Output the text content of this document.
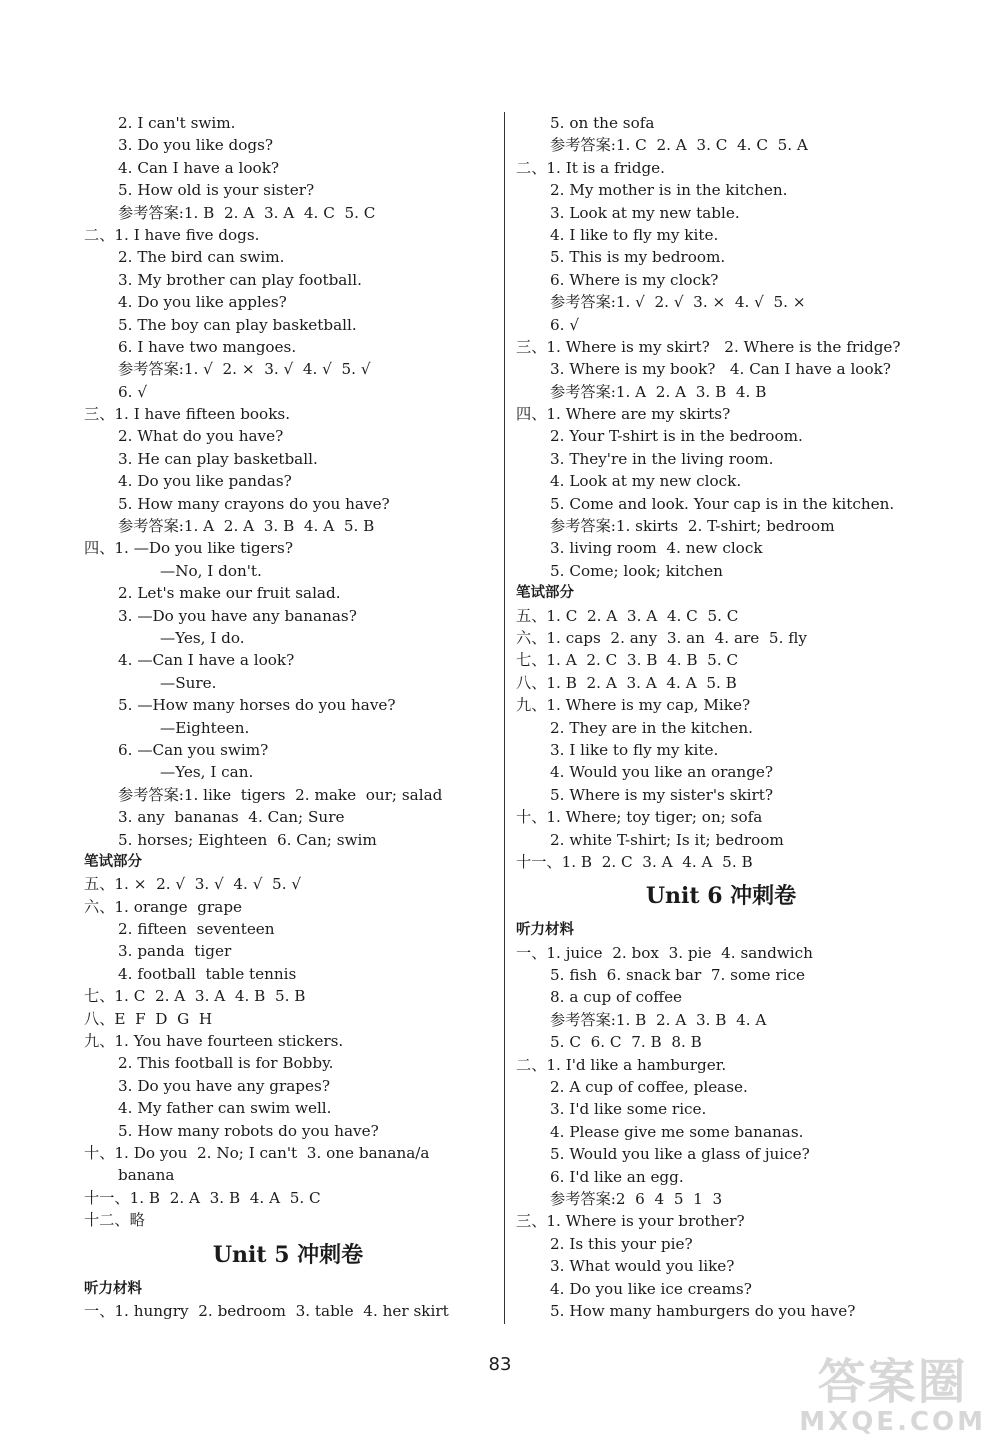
2. I can't swim.
3. Do you like dogs?
4. Can I have a look?
5. How old is your sister?
参考答案:1. B  2. A  3. A  4. C  5. C
二、1. I have five dogs.
2. The bird can swim.
3. My brother can play football.
4. Do you like apples?
5. The boy can play basketball.
6. I have two mangoes.
参考答案:1. √  2. ×  3. √  4. √  5. √
6. √
三、1. I have fifteen books.
2. What do you have?
3. He can play basketball.
4. Do you like pandas?
5. How many crayons do you have?
参考答案:1. A  2. A  3. B  4. A  5. B
四、1. —Do you like tigers?
—No, I don't.
2. Let's make our fruit salad.
3. —Do you have any bananas?
—Yes, I do.
4. —Can I have a look?
—Sure.
5. —How many horses do you have?
—Eighteen.
6. —Can you swim?
—Yes, I can.
参考答案:1. like  tigers  2. make  our; salad
3. any  bananas  4. Can; Sure
5. horses; Eighteen  6. Can; swim
笔试部分
五、1. ×  2. √  3. √  4. √  5. √
六、1. orange  grape
2. fifteen  seventeen
3. panda  tiger
4. football  table tennis
七、1. C  2. A  3. A  4. B  5. B
八、E  F  D  G  H
九、1. You have fourteen stickers.
2. This football is for Bobby.
3. Do you have any grapes?
4. My father can swim well.
5. How many robots do you have?
十、1. Do you  2. No; I can't  3. one banana/a
banana
十一、1. B  2. A  3. B  4. A  5. C
十二、略
Unit 5 冲刺卷
听力材料
一、1. hungry  2. bedroom  3. table  4. her skirt
5. on the sofa
参考答案:1. C  2. A  3. C  4. C  5. A
二、1. It is a fridge.
2. My mother is in the kitchen.
3. Look at my new table.
4. I like to fly my kite.
5. This is my bedroom.
6. Where is my clock?
参考答案:1. √  2. √  3. ×  4. √  5. ×
6. √
三、1. Where is my skirt?   2. Where is the fridge?
3. Where is my book?   4. Can I have a look?
参考答案:1. A  2. A  3. B  4. B
四、1. Where are my skirts?
2. Your T-shirt is in the bedroom.
3. They're in the living room.
4. Look at my new clock.
5. Come and look. Your cap is in the kitchen.
参考答案:1. skirts  2. T-shirt; bedroom
3. living room  4. new clock
5. Come; look; kitchen
笔试部分
五、1. C  2. A  3. A  4. C  5. C
六、1. caps  2. any  3. an  4. are  5. fly
七、1. A  2. C  3. B  4. B  5. C
八、1. B  2. A  3. A  4. A  5. B
九、1. Where is my cap, Mike?
2. They are in the kitchen.
3. I like to fly my kite.
4. Would you like an orange?
5. Where is my sister's skirt?
十、1. Where; toy tiger; on; sofa
2. white T-shirt; Is it; bedroom
十一、1. B  2. C  3. A  4. A  5. B
Unit 6 冲刺卷
听力材料
一、1. juice  2. box  3. pie  4. sandwich
5. fish  6. snack bar  7. some rice
8. a cup of coffee
参考答案:1. B  2. A  3. B  4. A
5. C  6. C  7. B  8. B
二、1. I'd like a hamburger.
2. A cup of coffee, please.
3. I'd like some rice.
4. Please give me some bananas.
5. Would you like a glass of juice?
6. I'd like an egg.
参考答案:2  6  4  5  1  3
三、1. Where is your brother?
2. Is this your pie?
3. What would you like?
4. Do you like ice creams?
5. How many hamburgers do you have?
83	答案圈
MXQE.COM
